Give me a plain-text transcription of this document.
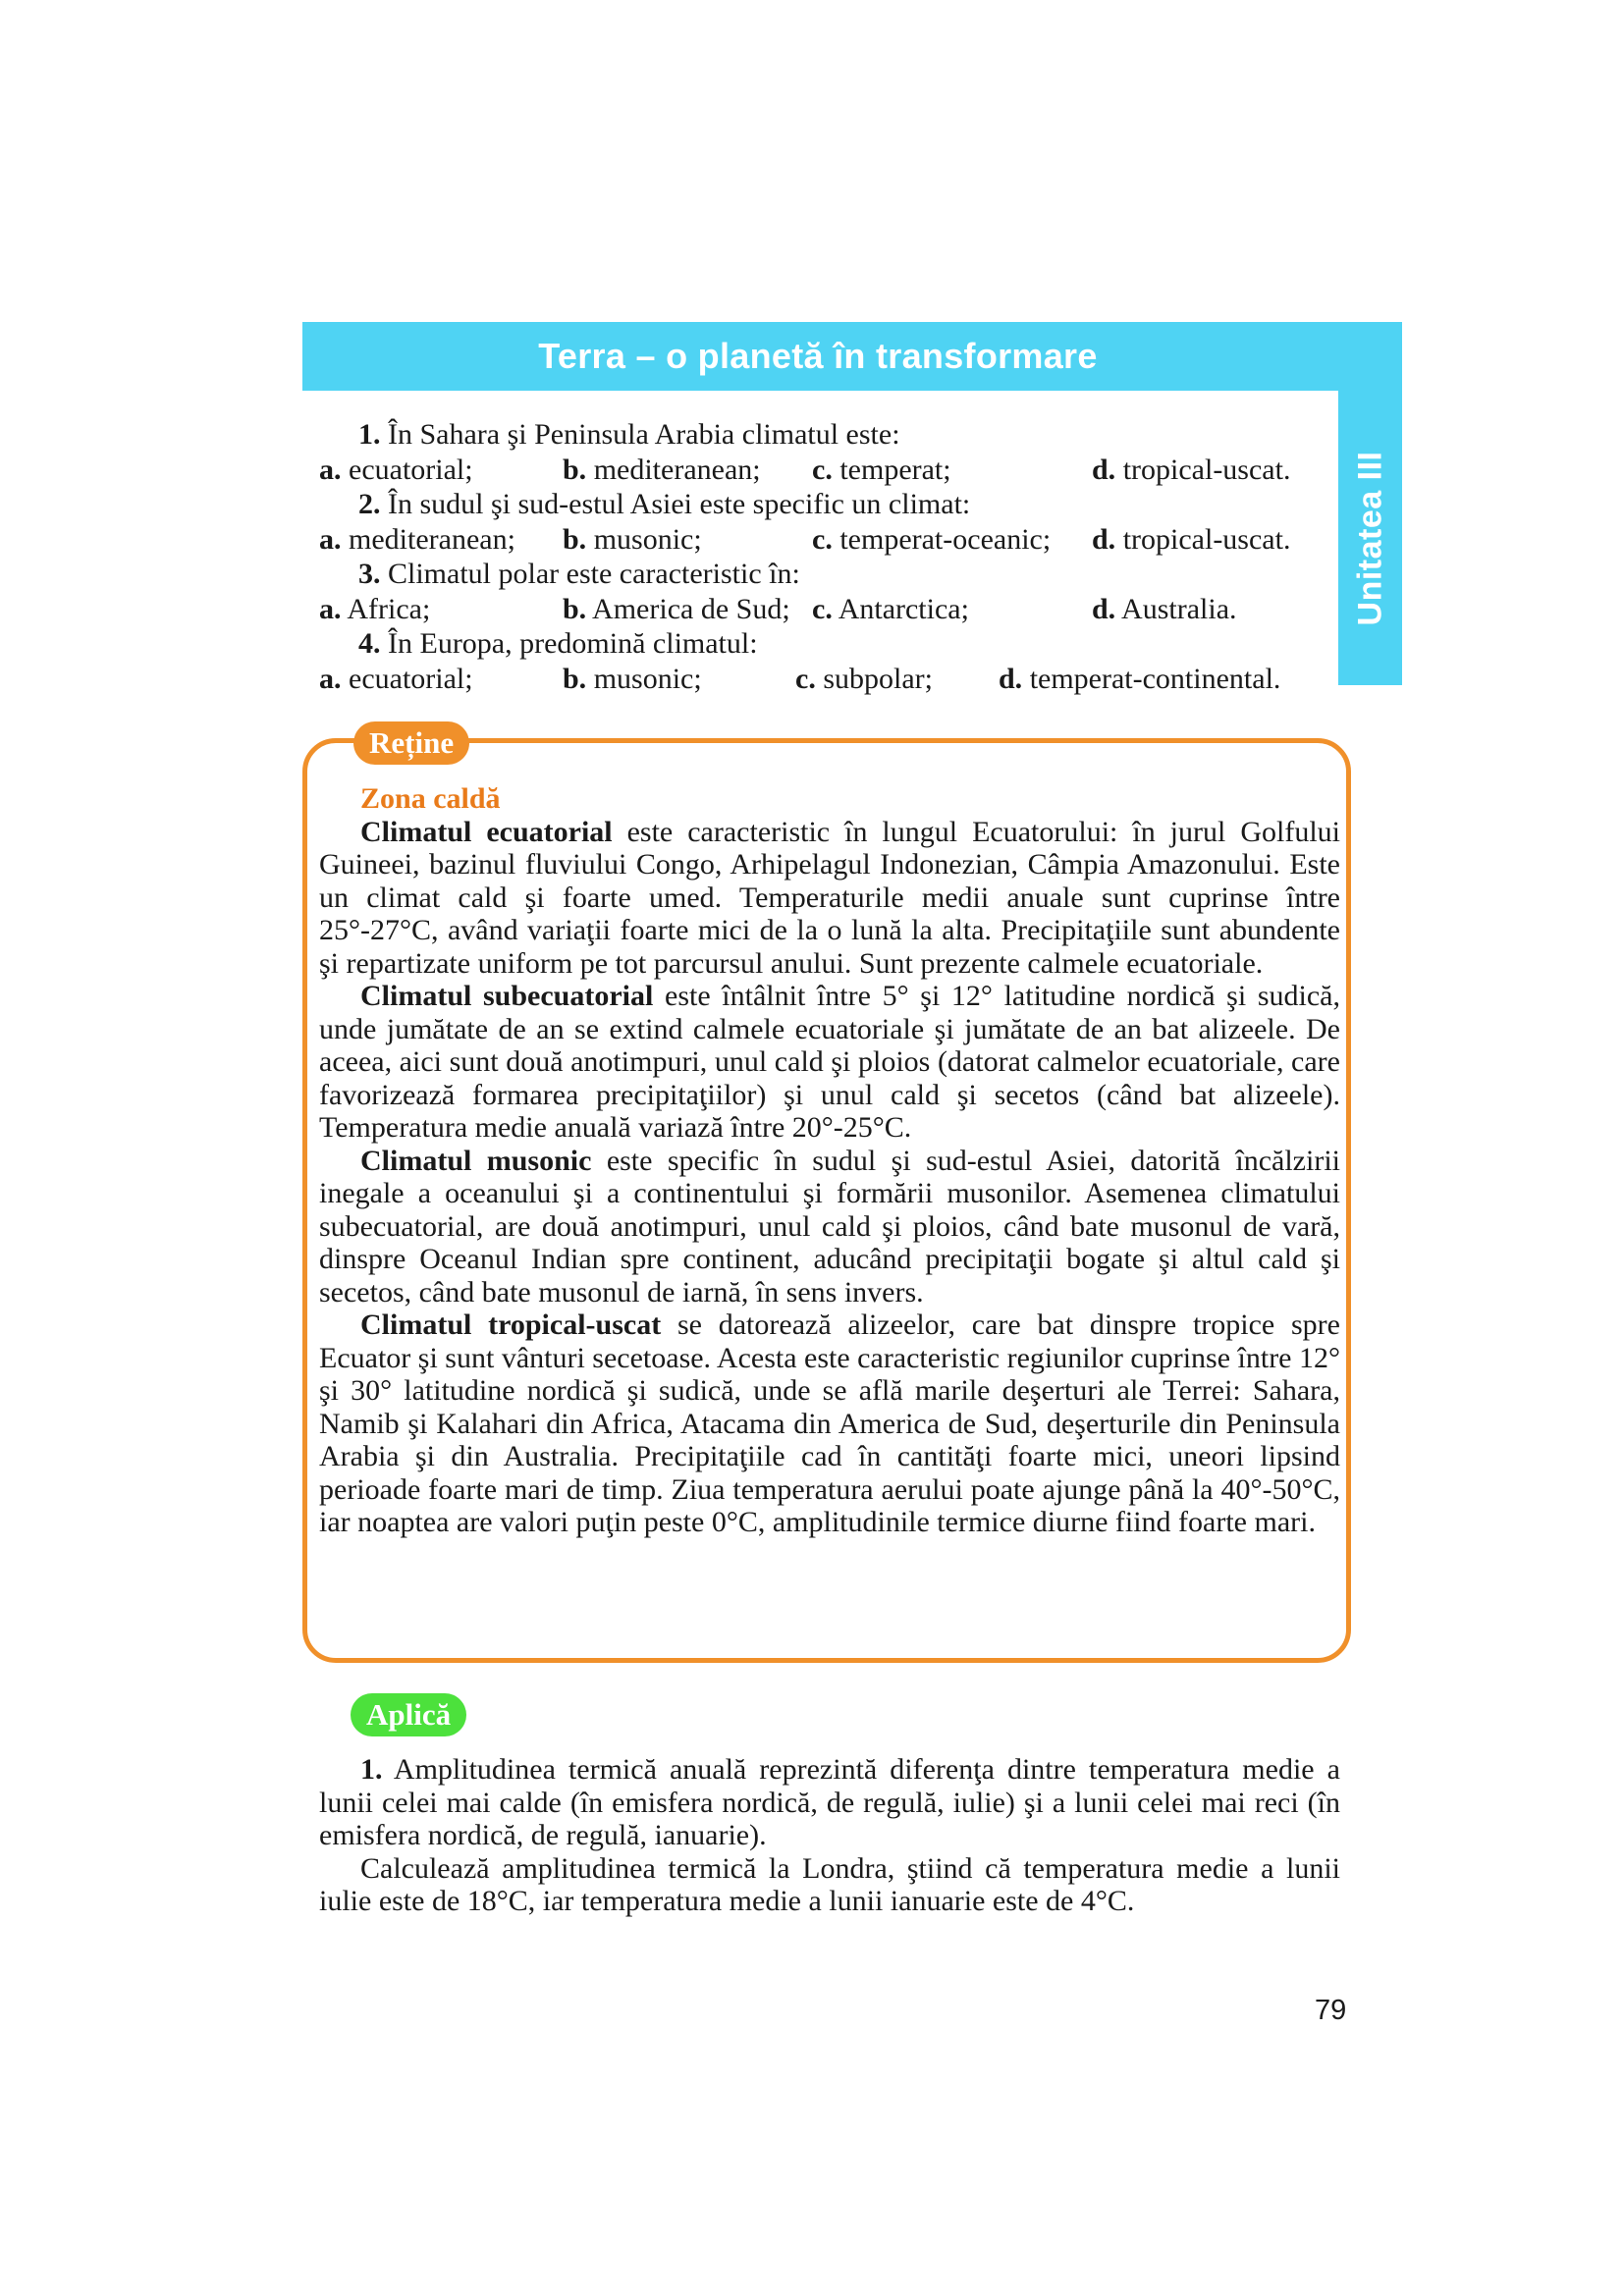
Terra – o planetă în transformare
Unitatea III
1. În Sahara şi Peninsula Arabia climatul este:
a. ecuatorial;	b. mediteranean; c. temperat;	d. tropical-uscat.
2. În sudul şi sud-estul Asiei este specific un climat:
a. mediteranean; b. musonic;	c. temperat-oceanic; d. tropical-uscat.
3. Climatul polar este caracteristic în:
a. Africa;	b. America de Sud; c. Antarctica;	d. Australia.
4. În Europa, predomină climatul:
a. ecuatorial;	b. musonic;	c. subpolar; d. temperat-continental.
Reține
Zona caldă

Climatul ecuatorial este caracteristic în lungul Ecuatorului: în jurul Golfului Guineei, bazinul fluviului Congo, Arhipelagul Indonezian, Câmpia Amazonului. Este un climat cald şi foarte umed. Temperaturile medii anuale sunt cuprinse între 25°-27°C, având variaţii foarte mici de la o lună la alta. Precipitaţiile sunt abundente şi repartizate uniform pe tot parcursul anului. Sunt prezente calmele ecuatoriale.

Climatul subecuatorial este întâlnit între 5° şi 12° latitudine nordică şi sudică, unde jumătate de an se extind calmele ecuatoriale şi jumătate de an bat alizeele. De aceea, aici sunt două anotimpuri, unul cald şi ploios (datorat calmelor ecuatoriale, care favorizează formarea precipitaţiilor) şi unul cald şi secetos (când bat alizeele). Temperatura medie anuală variază între 20°-25°C.

Climatul musonic este specific în sudul şi sud-estul Asiei, datorită încălzirii inegale a oceanului şi a continentului şi formării musonilor. Asemenea climatului subecuatorial, are două anotimpuri, unul cald şi ploios, când bate musonul de vară, dinspre Oceanul Indian spre continent, aducând precipitaţii bogate şi altul cald şi secetos, când bate musonul de iarnă, în sens invers.

Climatul tropical-uscat se datorează alizeelor, care bat dinspre tropice spre Ecuator şi sunt vânturi secetoase. Acesta este caracteristic regiunilor cuprinse între 12° şi 30° latitudine nordică şi sudică, unde se află marile deşerturi ale Terrei: Sahara, Namib şi Kalahari din Africa, Atacama din America de Sud, deşerturile din Peninsula Arabia şi din Australia. Precipitaţiile cad în cantităţi foarte mici, uneori lipsind perioade foarte mari de timp. Ziua temperatura aerului poate ajunge până la 40°-50°C, iar noaptea are valori puţin peste 0°C, amplitudinile termice diurne fiind foarte mari.

Aplică

1. Amplitudinea termică anuală reprezintă diferenţa dintre temperatura medie a lunii celei mai calde (în emisfera nordică, de regulă, iulie) şi a lunii celei mai reci (în emisfera nordică, de regulă, ianuarie).

Calculează amplitudinea termică la Londra, ştiind că temperatura medie a lunii iulie este de 18°C, iar temperatura medie a lunii ianuarie este de 4°C.

79
